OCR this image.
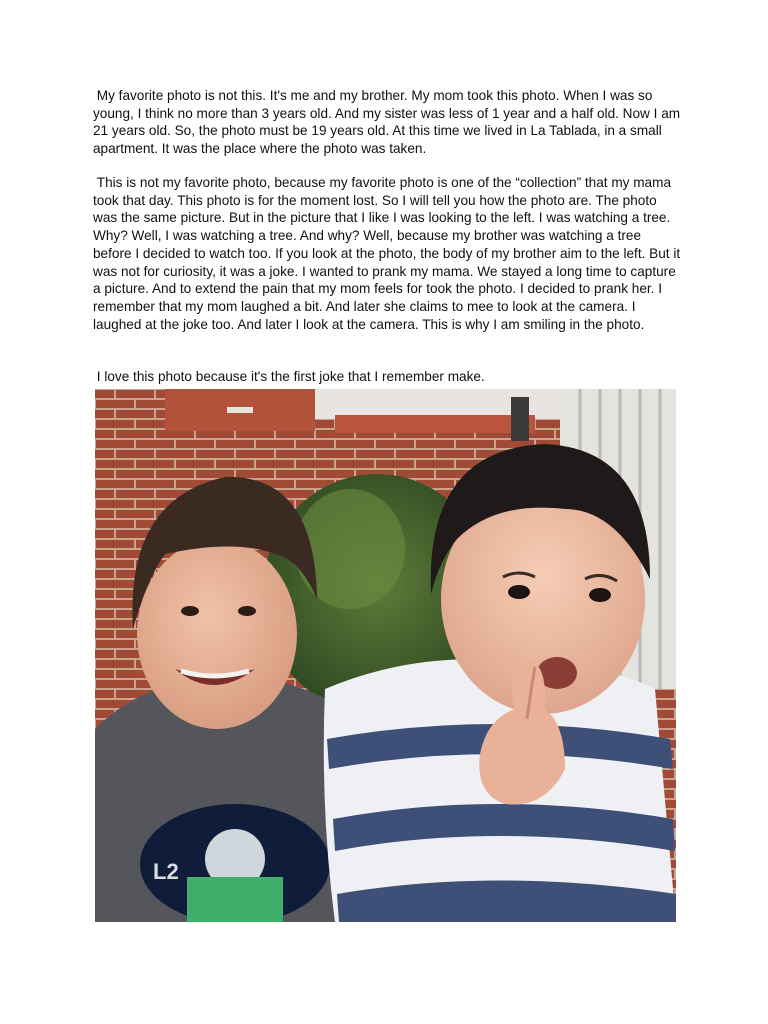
My favorite photo is not this. It's me and my brother. My mom took this photo. When I was so young, I think no more than 3 years old. And my sister was less of 1 year and a half old. Now I am 21 years old. So, the photo must be 19 years old. At this time we lived in La Tablada, in a small apartment. It was the place where the photo was taken.

This is not my favorite photo, because my favorite photo is one of the “collection” that my mama took that day. This photo is for the moment lost. So I will tell you how the photo are. The photo was the same picture. But in the picture that I like I was looking to the left. I was watching a tree. Why? Well, I was watching a tree. And why? Well, because my brother was watching a tree before I decided to watch too. If you look at the photo, the body of my brother aim to the left. But it was not for curiosity, it was a joke. I wanted to prank my mama. We stayed a long time to capture a picture. And to extend the pain that my mom feels for took the photo. I decided to prank her. I remember that my mom laughed a bit. And later she claims to mee to look at the camera. I laughed at the joke too. And later I look at the camera. This is why I am smiling in the photo.

I love this photo because it's the first joke that I remember make.

L2
